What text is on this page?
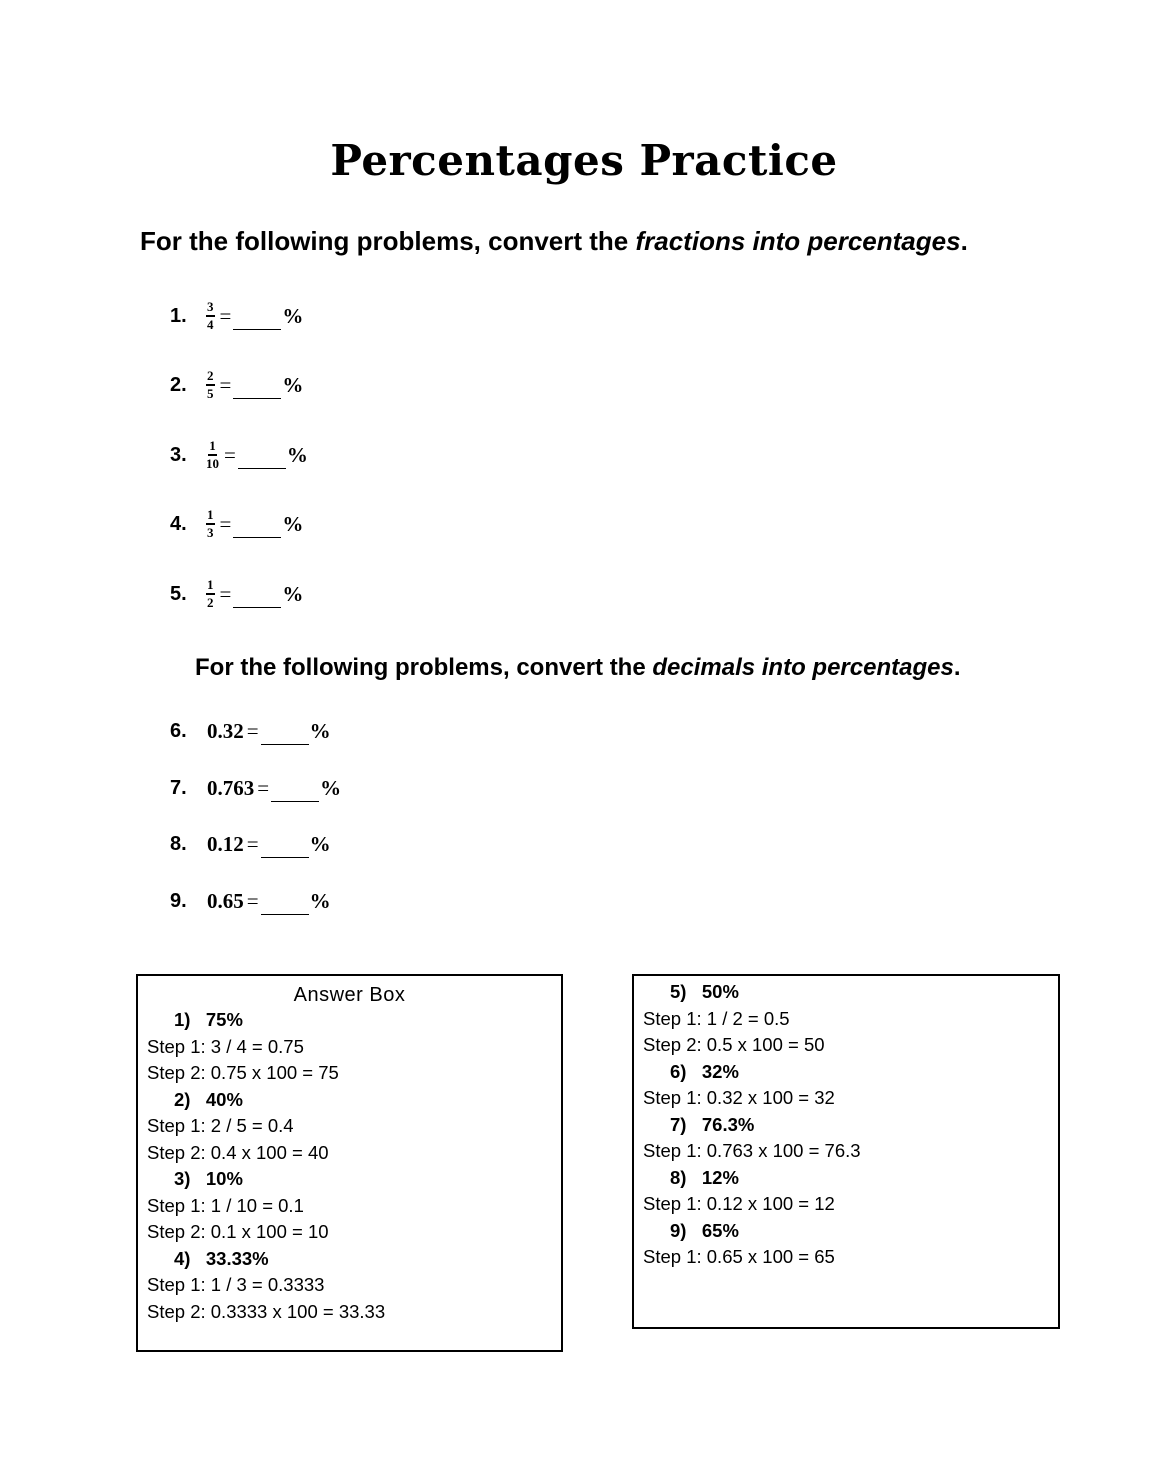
Percentages Practice
For the following problems, convert the fractions into percentages.
1.	$\frac{3}{4}$ = %
2.	$\frac{2}{5}$ = %
3.	$\frac{1}{10}$ = %
4.	$\frac{1}{3}$ = %
5.	$\frac{1}{2}$ = %
For the following problems, convert the decimals into percentages.
6. 0.32 = %
7. 0.763 = %
8. 0.12 = %
9. 0.65 = %
Answer Box
1)   75%
Step 1: 3 / 4 = 0.75
Step 2: 0.75 x 100 = 75
2)   40%
Step 1: 2 / 5 = 0.4
Step 2: 0.4 x 100 = 40
3)   10%
Step 1: 1 / 10 = 0.1
Step 2: 0.1 x 100 = 10
4)   33.33%
Step 1: 1 / 3 = 0.3333
Step 2: 0.3333 x 100 = 33.33
5)   50%
Step 1: 1 / 2 = 0.5
Step 2: 0.5 x 100 = 50
6)   32%
Step 1: 0.32 x 100 = 32
7)   76.3%
Step 1: 0.763 x 100 = 76.3
8)   12%
Step 1: 0.12 x 100 = 12
9)   65%
Step 1: 0.65 x 100 = 65
